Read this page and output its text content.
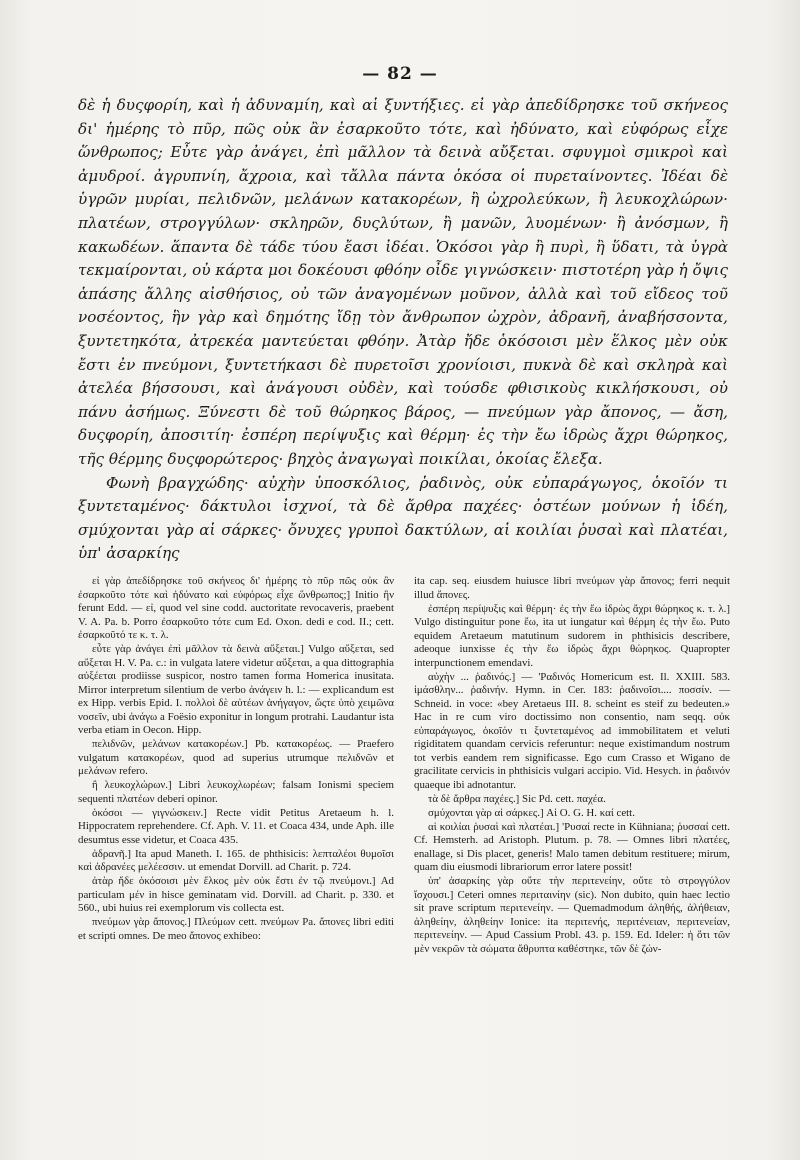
— 82 —

δὲ ἡ δυςφορίη, καὶ ἡ ἀδυναμίη, καὶ αἱ ξυντήξιες. εἰ γὰρ ἀπεδίδρησκε τοῦ σκήνεος δι' ἡμέρης τὸ πῦρ, πῶς οὐκ ἂν ἐσαρκοῦτο τότε, καὶ ἠδύνατο, καὶ εὐφόρως εἶχε ὥνθρωπος; Εὖτε γὰρ ἀνάγει, ἐπὶ μᾶλλον τὰ δεινὰ αὔξεται. σφυγμοὶ σμικροὶ καὶ ἀμυδροί. ἀγρυπνίη, ἄχροια, καὶ τἄλλα πάντα ὁκόσα οἱ πυρεταίνοντες. Ἰδέαι δὲ ὑγρῶν μυρίαι, πελιδνῶν, μελάνων κατακορέων, ἢ ὠχρολεύκων, ἢ λευκοχλώρων· πλατέων, στρογγύλων· σκληρῶν, δυςλύτων, ἢ μανῶν, λυομένων· ἢ ἀνόσμων, ἢ κακωδέων. ἅπαντα δὲ τάδε τύου ἔασι ἰδέαι. Ὁκόσοι γὰρ ἢ πυρὶ, ἢ ὕδατι, τὰ ὑγρὰ τεκμαίρονται, οὐ κάρτα μοι δοκέουσι φθόην οἶδε γιγνώσκειν· πιστοτέρη γὰρ ἡ ὄψις ἁπάσης ἄλλης αἰσθήσιος, οὐ τῶν ἀναγομένων μοῦνον, ἀλλὰ καὶ τοῦ εἴδεος τοῦ νοσέοντος, ἣν γὰρ καὶ δημότης ἴδῃ τὸν ἄνθρωπον ὠχρὸν, ἀδρανῆ, ἀναβήσσοντα, ξυντετηκότα, ἀτρεκέα μαντεύεται φθόην. Ἀτὰρ ἤδε ὁκόσοισι μὲν ἕλκος μὲν οὐκ ἔστι ἐν πνεύμονι, ξυντετήκασι δὲ πυρετοῖσι χρονίοισι, πυκνὰ δὲ καὶ σκληρὰ καὶ ἀτελέα βήσσουσι, καὶ ἀνάγουσι οὐδὲν, καὶ τούσδε φθισικοὺς κικλήσκουσι, οὐ πάνυ ἀσήμως. Ξύνεστι δὲ τοῦ θώρηκος βάρος, — πνεύμων γὰρ ἄπονος, — ἄση, δυςφορίη, ἀποσιτίη· ἐσπέρη περίψυξις καὶ θέρμη· ἐς τὴν ἔω ἱδρὼς ἄχρι θώρηκος, τῆς θέρμης δυςφορώτερος· βηχὸς ἀναγωγαὶ ποικίλαι, ὁκοίας ἔλεξα.

Φωνὴ βραγχώδης· αὐχὴν ὑποσκόλιος, ῥαδινὸς, οὐκ εὐπαράγωγος, ὁκοῖόν τι ξυντεταμένος· δάκτυλοι ἰσχνοί, τὰ δὲ ἄρθρα παχέες· ὀστέων μούνων ἡ ἰδέη, σμύχονται γὰρ αἱ σάρκες· ὄνυχες γρυποὶ δακτύλων, αἱ κοιλίαι ῥυσαὶ καὶ πλατέαι, ὑπ' ἀσαρκίης

εἰ γὰρ ἀπεδίδρησκε τοῦ σκήνεος δι' ἡμέρης τὸ πῦρ πῶς οὐκ ἂν ἐσαρκοῦτο τότε καὶ ἠδύνατο καὶ εὐφόρως εἶχε ὥνθρωπος;] Initio ἣν ferunt Edd. — εἰ, quod vel sine codd. auctoritate revocaveris, praebent V. A. Pa. b. Porro ἐσαρκοῦτο τότε cum Ed. Oxon. dedi e cod. II.; cett. ἐσαρκοῦτό τε κ. τ. λ.

εὖτε γὰρ ἀνάγει ἐπὶ μᾶλλον τὰ δεινὰ αὔξεται.] Vulgo αὔξεται, sed αὔξεται H. V. Pa. c.: in vulgata latere videtur αὔξεται, a qua dittographia αὐξέεται prodiisse suspicor, nostro tamen forma Homerica inusitata. Mirror interpretum silentium de verbo ἀνάγειν h. l.: — explicandum est ex Hipp. verbis Epid. I. πολλοὶ δὲ αὐτέων ἀνήγαγον, ὥςτε ὑπὸ χειμῶνα νοσεῖν, ubi ἀνάγω a Foësio exponitur in longum protrahi. Laudantur ista verba etiam in Oecon. Hipp.

πελιδνῶν, μελάνων κατακορέων.] Pb. κατακορέως. — Praefero vulgatum κατακορέων, quod ad superius utrumque πελιδνῶν et μελάνων refero.

ἢ λευκοχλώρων.] Libri λευκοχλωρέων; falsam Ionismi speciem sequenti πλατέων deberi opinor.

ὁκόσοι — γιγνώσκειν.] Recte vidit Petitus Aretaeum h. l. Hippocratem reprehendere. Cf. Aph. V. 11. et Coaca 434, unde Aph. ille desumtus esse videtur, et Coaca 435.

ἀδρανῆ.] Ita apud Maneth. I. 165. de phthisicis: λεπταλέοι θυμοῖσι καὶ ἀδρανέες μελέεσσιν. ut emendat Dorvill. ad Charit. p. 724.

ἀτὰρ ἤδε ὁκόσοισι μὲν ἕλκος μὲν οὐκ ἔστι ἐν τῷ πνεύμονι.] Ad particulam μέν in hisce geminatam vid. Dorvill. ad Charit. p. 330. et 560., ubi huius rei exemplorum vis collecta est.

πνεύμων γὰρ ἄπονος.] Πλεύμων cett. πνεύμων Pa. ἄπονες libri editi et scripti omnes. De meo ἄπονος exhibeo:

ita cap. seq. eiusdem huiusce libri πνεύμων γὰρ ἄπονος; ferri nequit illud ἄπονες.

ἐσπέρη περίψυξις καὶ θέρμη· ἐς τὴν ἔω ἱδρὼς ἄχρι θώρηκος κ. τ. λ.] Vulgo distinguitur pone ἔω, ita ut iungatur καὶ θέρμη ἐς τὴν ἔω. Puto equidem Aretaeum matutinum sudorem in phthisicis describere, adeoque iunxisse ἐς τὴν ἔω ἱδρὼς ἄχρι θώρηκος. Quapropter interpunctionem emendavi.

αὐχὴν ... ῥαδινός.] — 'Ραδινός Homericum est. Il. XXIII. 583. ἱμάσθλην... ῥαδινήν. Hymn. in Cer. 183: ῥαδινοῖσι.... ποσσίν. — Schneid. in voce: «bey Aretaeus III. 8. scheint es steif zu bedeuten.» Hac in re cum viro doctissimo non consentio, nam seqq. οὐκ εὐπαράγωγος, ὁκοῖόν τι ξυντεταμένος ad immobilitatem et veluti rigiditatem quandam cervicis referuntur: neque existimandum nostrum tot verbis eandem rem significasse. Ego cum Crasso et Wigano de gracilitate cervicis in phthisicis vulgari accipio. Vid. Hesych. in ῥαδινόν quaeque ibi adnotantur.

τὰ δὲ ἄρθρα παχέες.] Sic Pd. cett. παχέα.

σμύχονται γὰρ αἱ σάρκες.] Aἱ O. G. H. καί cett.

αἱ κοιλίαι ῥυσαὶ καὶ πλατέαι.] 'Ρυσαί recte in Kühniana; ῥυσσαί cett. Cf. Hemsterh. ad Aristoph. Plutum. p. 78. — Omnes libri πλατέες, enallage, si Dis placet, generis! Malo tamen debitum restituere; mirum, quam diu eiusmodi librariorum error latere possit!

ὑπ' ἀσαρκίης γὰρ οὔτε τὴν περιτενείην, οὔτε τὸ στρογγύλον ἴσχουσι.] Ceteri omnes περιταινίην (sic). Non dubito, quin haec lectio sit prave scriptum περιτενείην. — Quemadmodum ἀληθής, ἀλήθειαν, ἀληθείην, ἀληθείην Ionice: ita περιτενής, περιτένειαν, περιτενείαν, περιτενείην. — Apud Cassium Probl. 43. p. 159. Ed. Ideler: ἡ ὅτι τῶν μὲν νεκρῶν τὰ σώματα ἄθρυπτα καθέστηκε, τῶν δὲ ζών-
